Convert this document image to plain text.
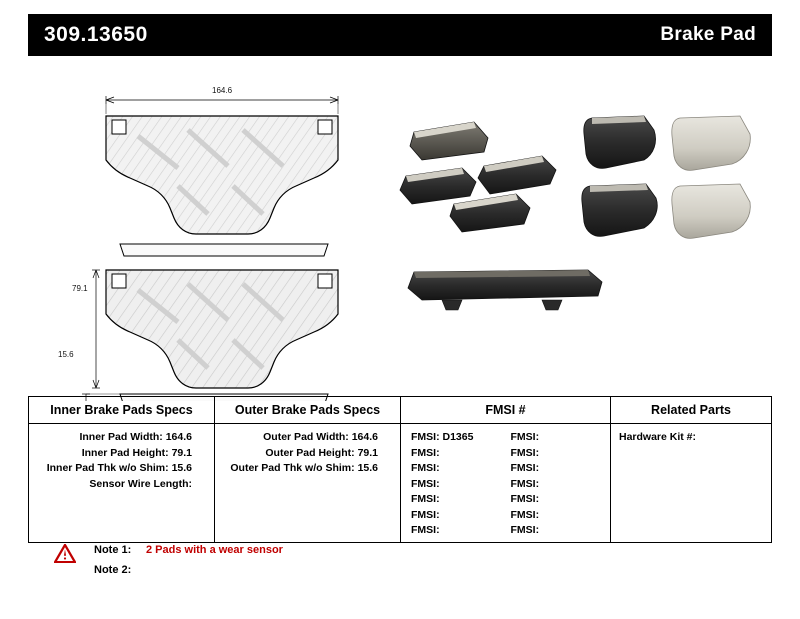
309.13650	Brake Pad
164.6
79.1
15.6
Inner Brake Pads Specs	Outer Brake Pads Specs	FMSI #	Related Parts
Inner Pad Width: 164.6
Inner Pad Height: 79.1
Inner Pad Thk w/o Shim: 15.6
Sensor Wire Length:
Outer Pad Width: 164.6
Outer Pad Height: 79.1
Outer Pad Thk w/o Shim: 15.6
FMSI: D1365
FMSI:
FMSI:
FMSI:
FMSI:
FMSI:
FMSI:
FMSI:
FMSI:
FMSI:
FMSI:
FMSI:
FMSI:
FMSI:
Hardware Kit #:
Note 1: 2 Pads with a wear sensor
Note 2:
